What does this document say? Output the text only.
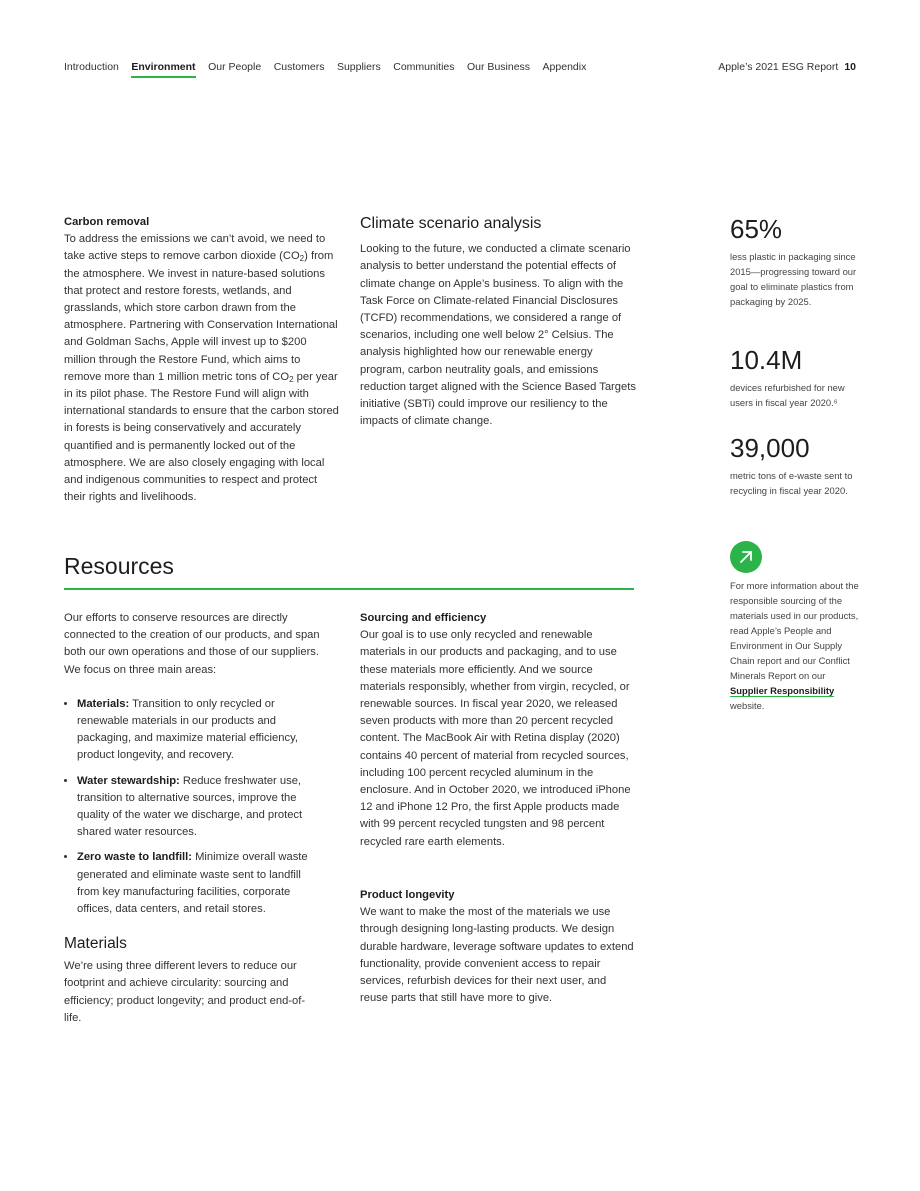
Introduction Environment Our People Customers Suppliers Communities Our Business Appendix	Apple’s 2021 ESG Report 10
Carbon removal

To address the emissions we can’t avoid, we need to take active steps to remove carbon dioxide $(CO_2)$ from the atmosphere. We invest in nature-based solutions that protect and restore forests, wetlands, and grasslands, which store carbon drawn from the atmosphere. Partnering with Conservation International and Goldman Sachs, Apple will invest up to $200 million through the Restore Fund, which aims to remove more than 1 million metric tons of $CO_2$ per year in its pilot phase. The Restore Fund will align with international standards to ensure that the carbon stored in forests is being conservatively and accurately quantified and is permanently locked out of the atmosphere. We are also closely engaging with local and indigenous communities to respect and protect their rights and livelihoods.

Climate scenario analysis

Looking to the future, we conducted a climate scenario analysis to better understand the potential effects of climate change on Apple’s business. To align with the Task Force on Climate-related Financial Disclosures (TCFD) recommendations, we considered a range of scenarios, including one well below 2° Celsius. The analysis highlighted how our renewable energy program, carbon neutrality goals, and emissions reduction target aligned with the Science Based Targets initiative (SBTi) could improve our resiliency to the impacts of climate change.

65%
less plastic in packaging since 2015—progressing toward our goal to eliminate plastics from packaging by 2025.
10.4M
devices refurbished for new users in fiscal year 2020.⁶
39,000
metric tons of e-waste sent to recycling in fiscal year 2020.
For more information about the responsible sourcing of the materials used in our products, read Apple’s People and Environment in Our Supply Chain report and our Conflict Minerals Report on our Supplier Responsibility website.
Resources

Our efforts to conserve resources are directly connected to the creation of our products, and span both our own operations and those of our suppliers. We focus on three main areas:

• Materials: Transition to only recycled or renewable materials in our products and packaging, and maximize material efficiency, product longevity, and recovery.
• Water stewardship: Reduce freshwater use, transition to alternative sources, improve the quality of the water we discharge, and protect shared water resources.
• Zero waste to landfill: Minimize overall waste generated and eliminate waste sent to landfill from key manufacturing facilities, corporate offices, data centers, and retail stores.
Materials

We’re using three different levers to reduce our footprint and achieve circularity: sourcing and efficiency; product longevity; and product end-of-life.

Sourcing and efficiency

Our goal is to use only recycled and renewable materials in our products and packaging, and to use these materials more efficiently. And we source materials responsibly, whether from virgin, recycled, or renewable sources. In fiscal year 2020, we released seven products with more than 20 percent recycled content. The MacBook Air with Retina display (2020) contains 40 percent of material from recycled sources, including 100 percent recycled aluminum in the enclosure. And in October 2020, we introduced iPhone 12 and iPhone 12 Pro, the first Apple products made with 99 percent recycled tungsten and 98 percent recycled rare earth elements.

Product longevity

We want to make the most of the materials we use through designing long-lasting products. We design durable hardware, leverage software updates to extend functionality, provide convenient access to repair services, refurbish devices for their next user, and reuse parts that still have more to give.
